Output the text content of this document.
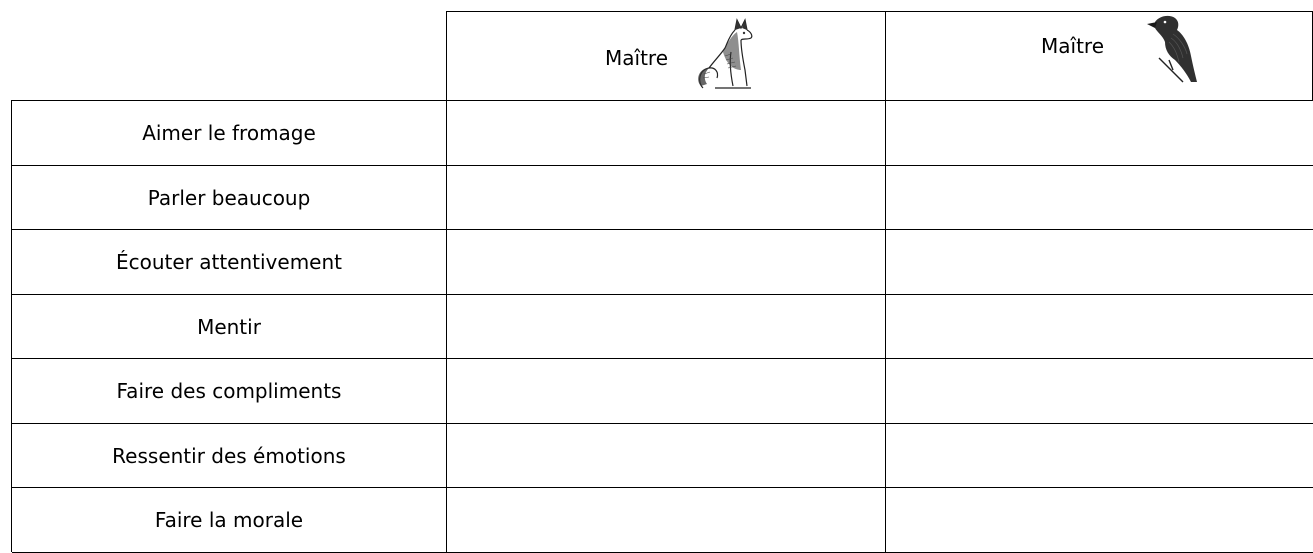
Maître	Maître
Aimer le fromage
Parler beaucoup
Écouter attentivement
Mentir
Faire des compliments
Ressentir des émotions
Faire la morale
